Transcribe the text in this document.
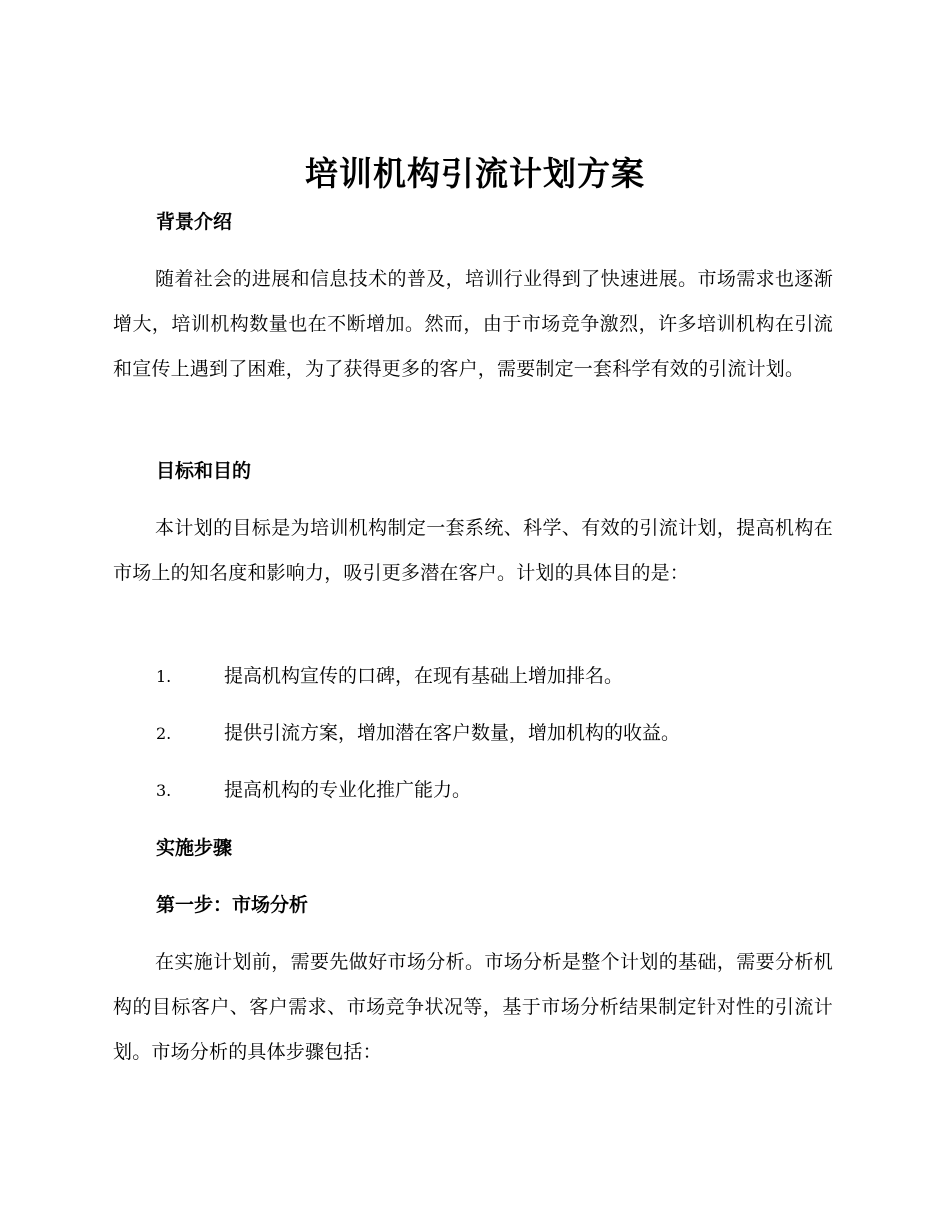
培训机构引流计划方案
背景介绍

随着社会的进展和信息技术的普及，培训行业得到了快速进展。市场需求也逐渐增大，培训机构数量也在不断增加。然而，由于市场竞争激烈，许多培训机构在引流和宣传上遇到了困难，为了获得更多的客户，需要制定一套科学有效的引流计划。

目标和目的

本计划的目标是为培训机构制定一套系统、科学、有效的引流计划，提高机构在市场上的知名度和影响力，吸引更多潜在客户。计划的具体目的是：

1.	提高机构宣传的口碑，在现有基础上增加排名。
2.	提供引流方案，增加潜在客户数量，增加机构的收益。
3.	提高机构的专业化推广能力。
实施步骤
第一步：市场分析

在实施计划前，需要先做好市场分析。市场分析是整个计划的基础，需要分析机构的目标客户、客户需求、市场竞争状况等，基于市场分析结果制定针对性的引流计划。市场分析的具体步骤包括：
